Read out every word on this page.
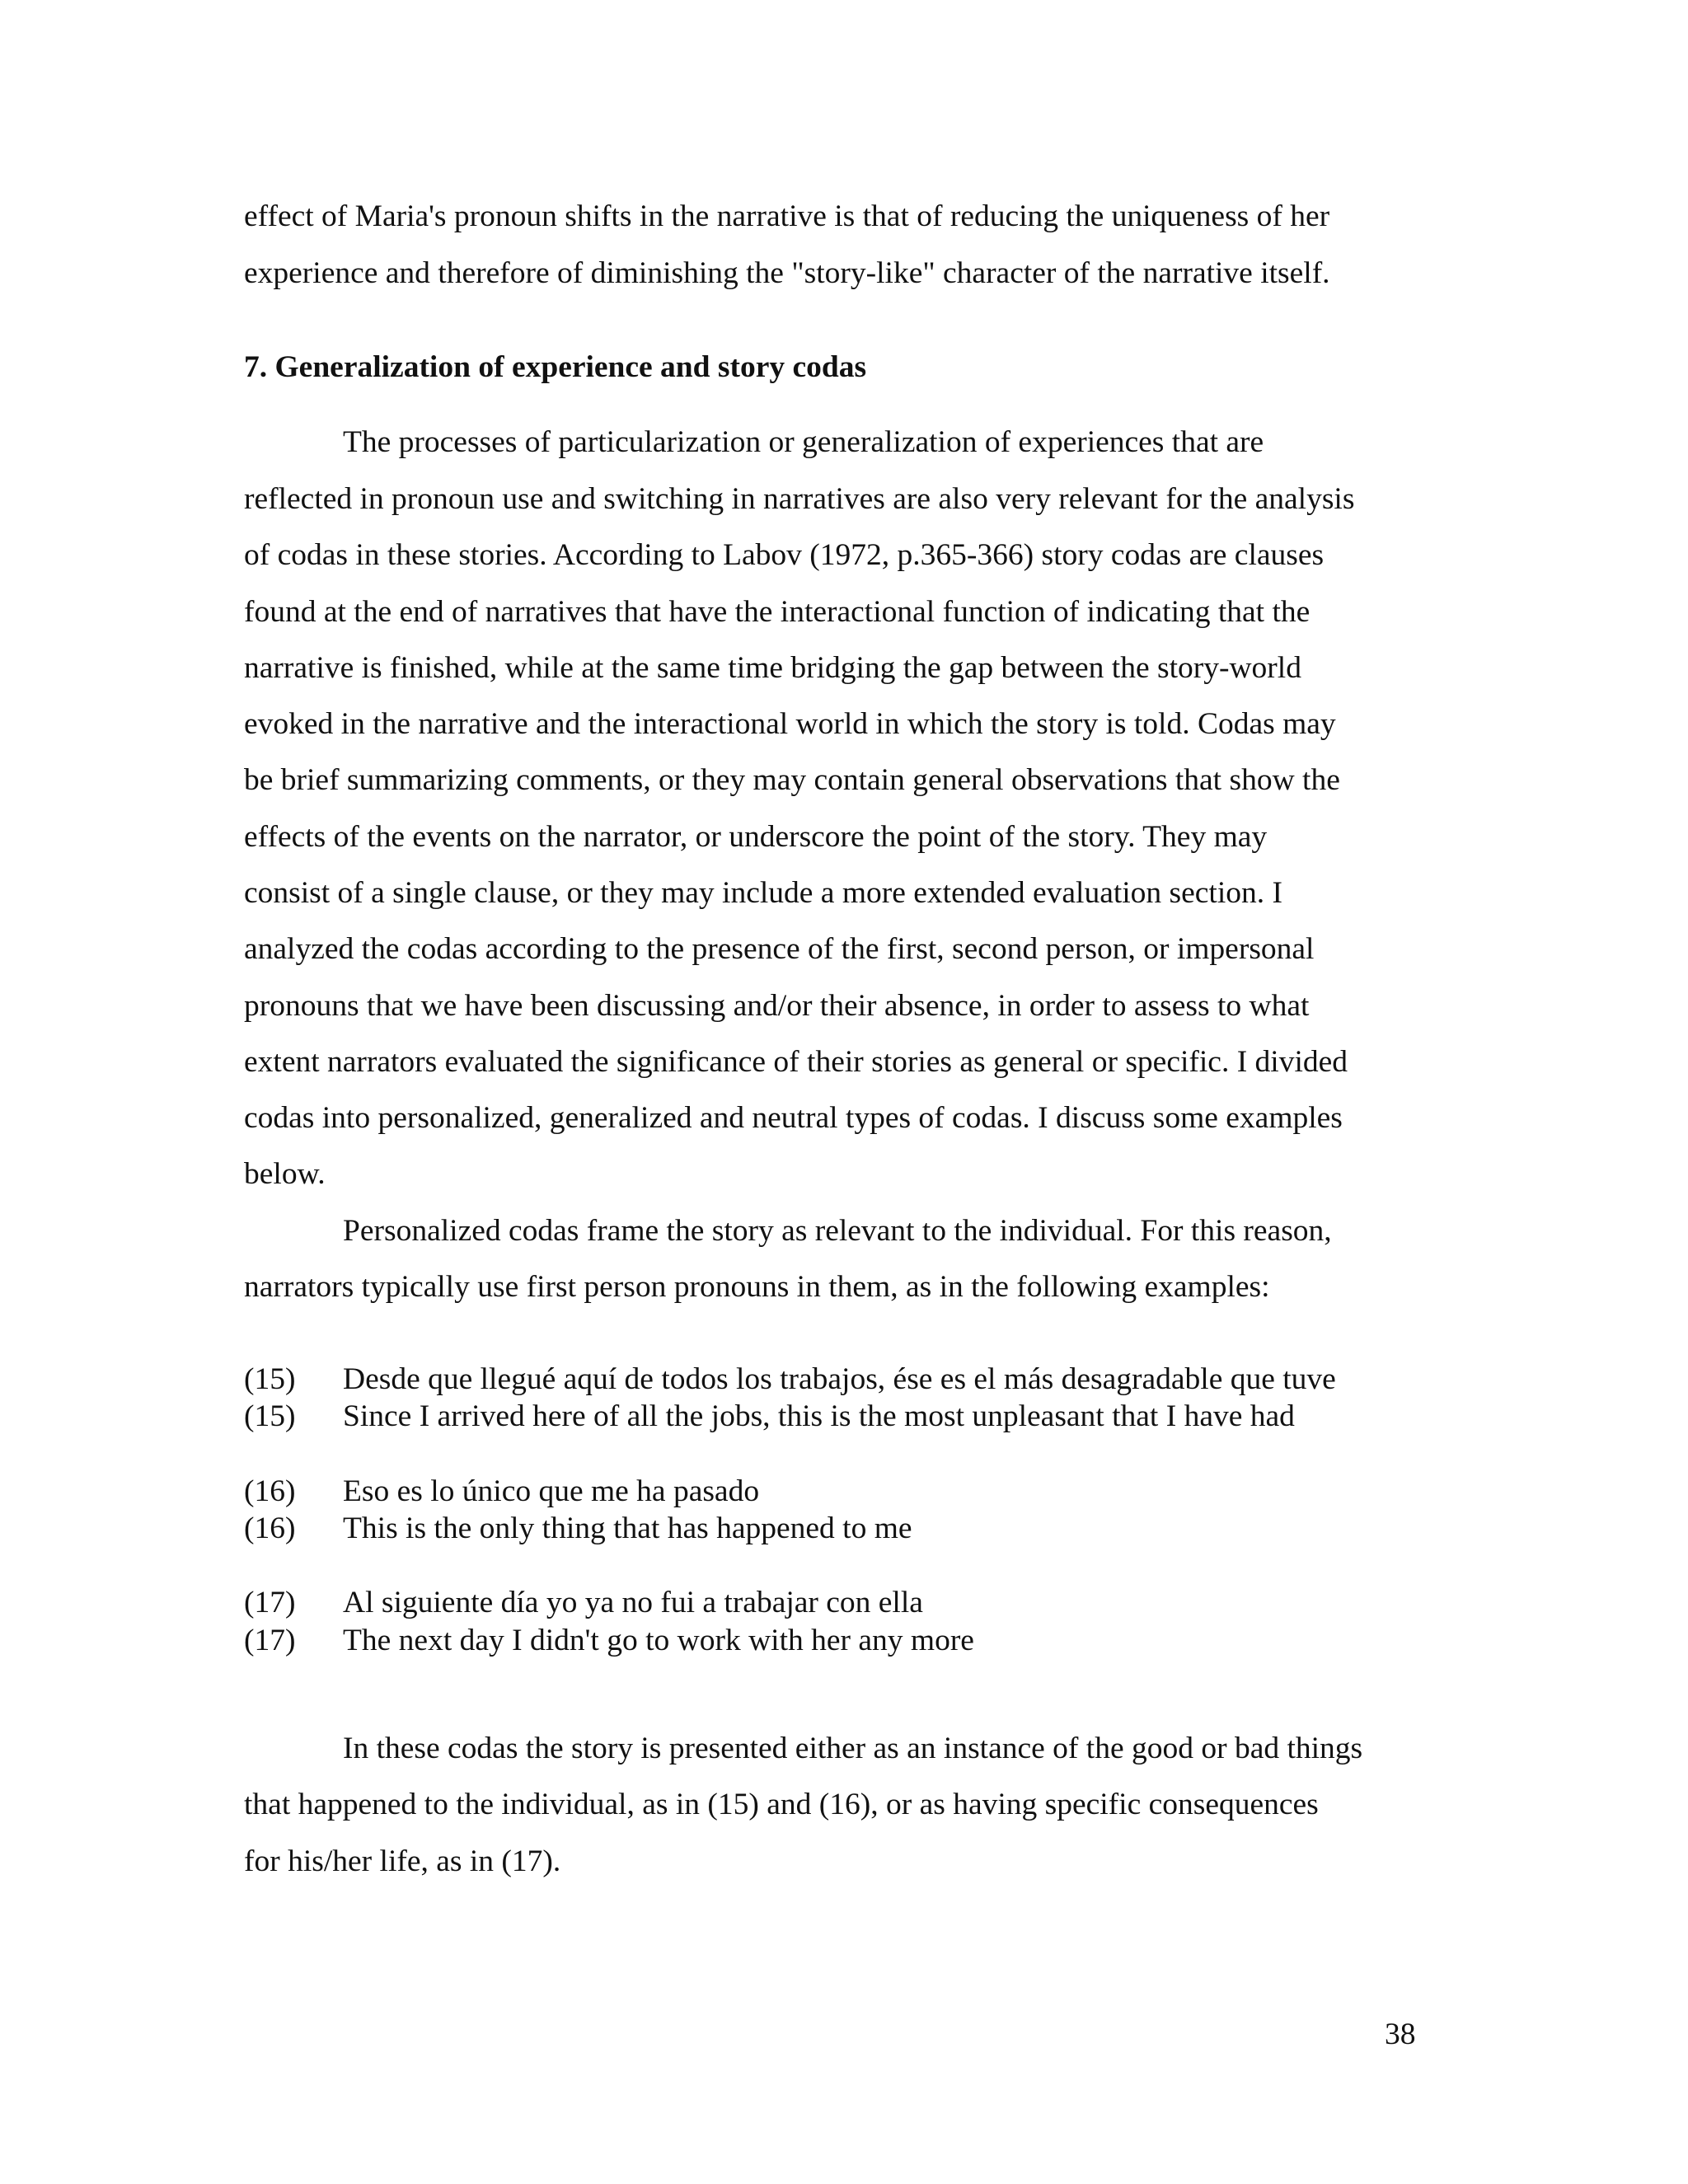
effect of Maria's pronoun shifts in the narrative is that of reducing the uniqueness of her
experience and therefore of diminishing the "story-like" character of the narrative itself.
7. Generalization of experience and story codas
The processes of particularization or generalization of experiences that are
reflected in pronoun use and switching in narratives are also very relevant for the analysis
of codas in these stories. According to Labov (1972, p.365-366) story codas are clauses
found at the end of narratives that have the interactional function of indicating that the
narrative is finished, while at the same time bridging the gap between the story-world
evoked in the narrative and the interactional world in which the story is told. Codas may
be brief summarizing comments, or they may contain general observations that show the
effects of the events on the narrator, or underscore the point of the story. They may
consist of a single clause, or they may include a more extended evaluation section. I
analyzed the codas according to the presence of the first, second person, or impersonal
pronouns that we have been discussing and/or their absence, in order to assess to what
extent narrators evaluated the significance of their stories as general or specific. I divided
codas into personalized, generalized and neutral types of codas. I discuss some examples
below.
Personalized codas frame the story as relevant to the individual. For this reason,
narrators typically use first person pronouns in them, as in the following examples:
(15) Desde que llegué aquí de todos los trabajos, ése es el más desagradable que tuve
(15) Since I arrived here of all the jobs, this is the most unpleasant that I have had
(16) Eso es lo único que me ha pasado
(16) This is the only thing that has happened to me
(17) Al siguiente día yo ya no fui a trabajar con ella
(17) The next day I didn't go to work with her any more
In these codas the story is presented either as an instance of the good or bad things
that happened to the individual, as in (15) and (16), or as having specific consequences
for his/her life, as in (17).
38
